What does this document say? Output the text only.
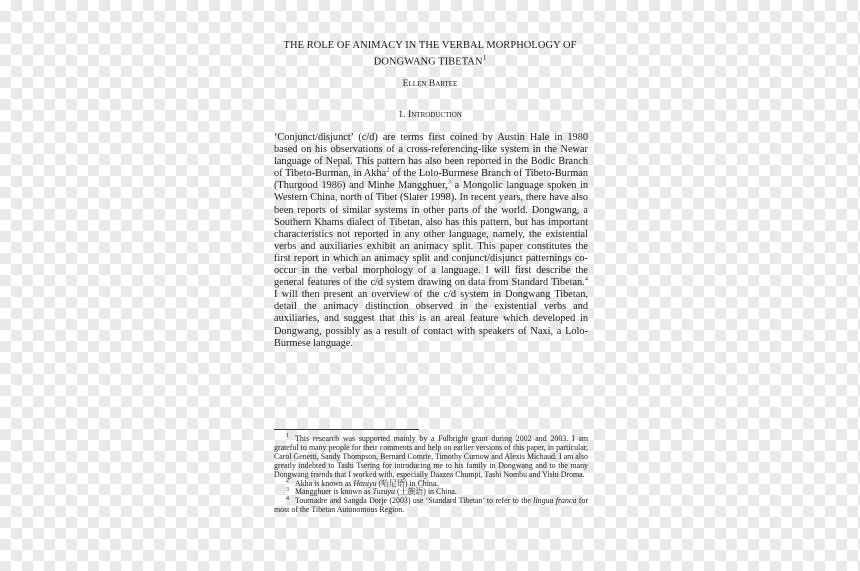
THE ROLE OF ANIMACY IN THE VERBAL MORPHOLOGY OF
DONGWANG TIBETAN$^1$
Ellen Bartee
1. Introduction

‘Conjunct/disjunct’ (c/d) are terms first coined by Austin Hale in 1980 based on his observations of a cross-referencing-like system in the Newar language of Nepal. This pattern has also been reported in the Bodic Branch of Tibeto-Burman, in Akha$^2$ of the Lolo-Burmese Branch of Tibeto-Burman (Thurgood 1986) and Minhe Mangghuer,$^3$ a Mongolic language spoken in Western China, north of Tibet (Slater 1998). In recent years, there have also been reports of similar systems in other parts of the world. Dongwang, a Southern Khams dialect of Tibetan, also has this pattern, but has important characteristics not reported in any other language, namely, the existential verbs and auxiliaries exhibit an animacy split. This paper constitutes the first report in which an animacy split and conjunct/disjunct patternings co-occur in the verbal morphology of a language. I will first describe the general features of the c/d system drawing on data from Standard Tibetan.$^4$ I will then present an overview of the c/d system in Dongwang Tibetan, detail the animacy distinction observed in the existential verbs and auxiliaries, and suggest that this is an areal feature which developed in Dongwang, possibly as a result of contact with speakers of Naxi, a Lolo-Burmese language.

$^1$ This research was supported mainly by a Fulbright grant during 2002 and 2003. I am grateful to many people for their comments and help on earlier versions of this paper, in particular, Carol Genetti, Sandy Thompson, Bernard Comrie, Timothy Curnow and Alexis Michaud. I am also greatly indebted to Tashi Tsering for introducing me to his family in Dongwang and to the many Dongwang friends that I worked with, especially Daazea Chumpi, Tashi Nombu and Yishi Droma.

$^2$ Akha is known as Haniyu (哈尼语) in China.

$^3$ Mangghuer is known as Tuzuyu (土族语) in China.

$^4$ Tournadre and Sangda Dorje (2003) use ‘Standard Tibetan’ to refer to the lingua franca for most of the Tibetan Autonomous Region.
